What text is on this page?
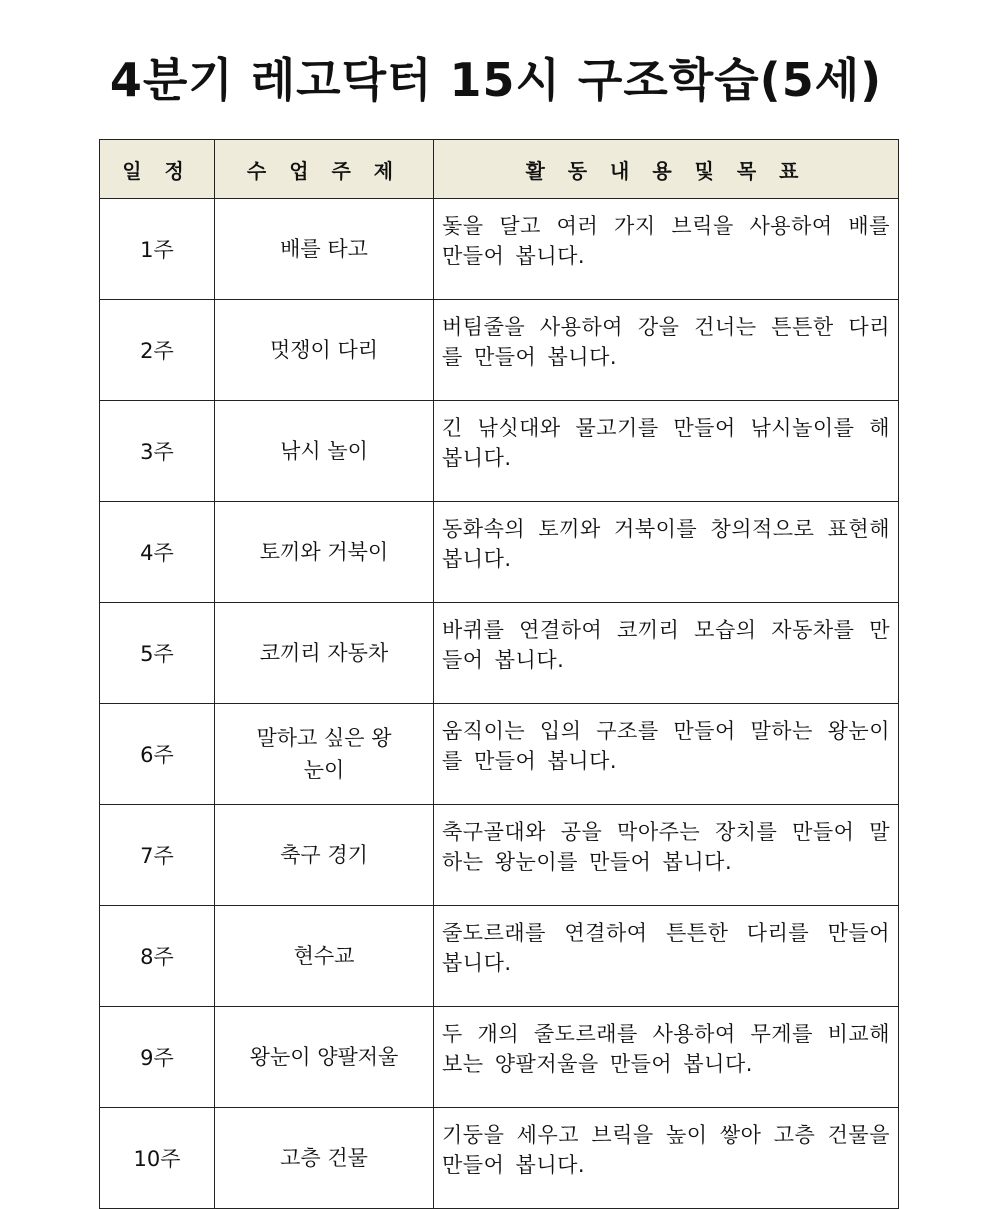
4분기 레고닥터 15시 구조학습(5세)
일 정	수 업 주 제	활 동 내 용 및 목 표
1주	배를 타고	돛을 달고 여러 가지 브릭을 사용하여 배를 만들어 봅니다.
2주	멋쟁이 다리	버팀줄을 사용하여 강을 건너는 튼튼한 다리를 만들어 봅니다.
3주	낚시 놀이	긴 낚싯대와 물고기를 만들어 낚시놀이를 해 봅니다.
4주	토끼와 거북이	동화속의 토끼와 거북이를 창의적으로 표현해 봅니다.
5주	코끼리 자동차	바퀴를 연결하여 코끼리 모습의 자동차를 만들어 봅니다.
6주	말하고 싶은 왕눈이	움직이는 입의 구조를 만들어 말하는 왕눈이를 만들어 봅니다.
7주	축구 경기	축구골대와 공을 막아주는 장치를 만들어 말하는 왕눈이를 만들어 봅니다.
8주	현수교	줄도르래를 연결하여 튼튼한 다리를 만들어 봅니다.
9주	왕눈이 양팔저울	두 개의 줄도르래를 사용하여 무게를 비교해 보는 양팔저울을 만들어 봅니다.
10주	고층 건물	기둥을 세우고 브릭을 높이 쌓아 고층 건물을 만들어 봅니다.
